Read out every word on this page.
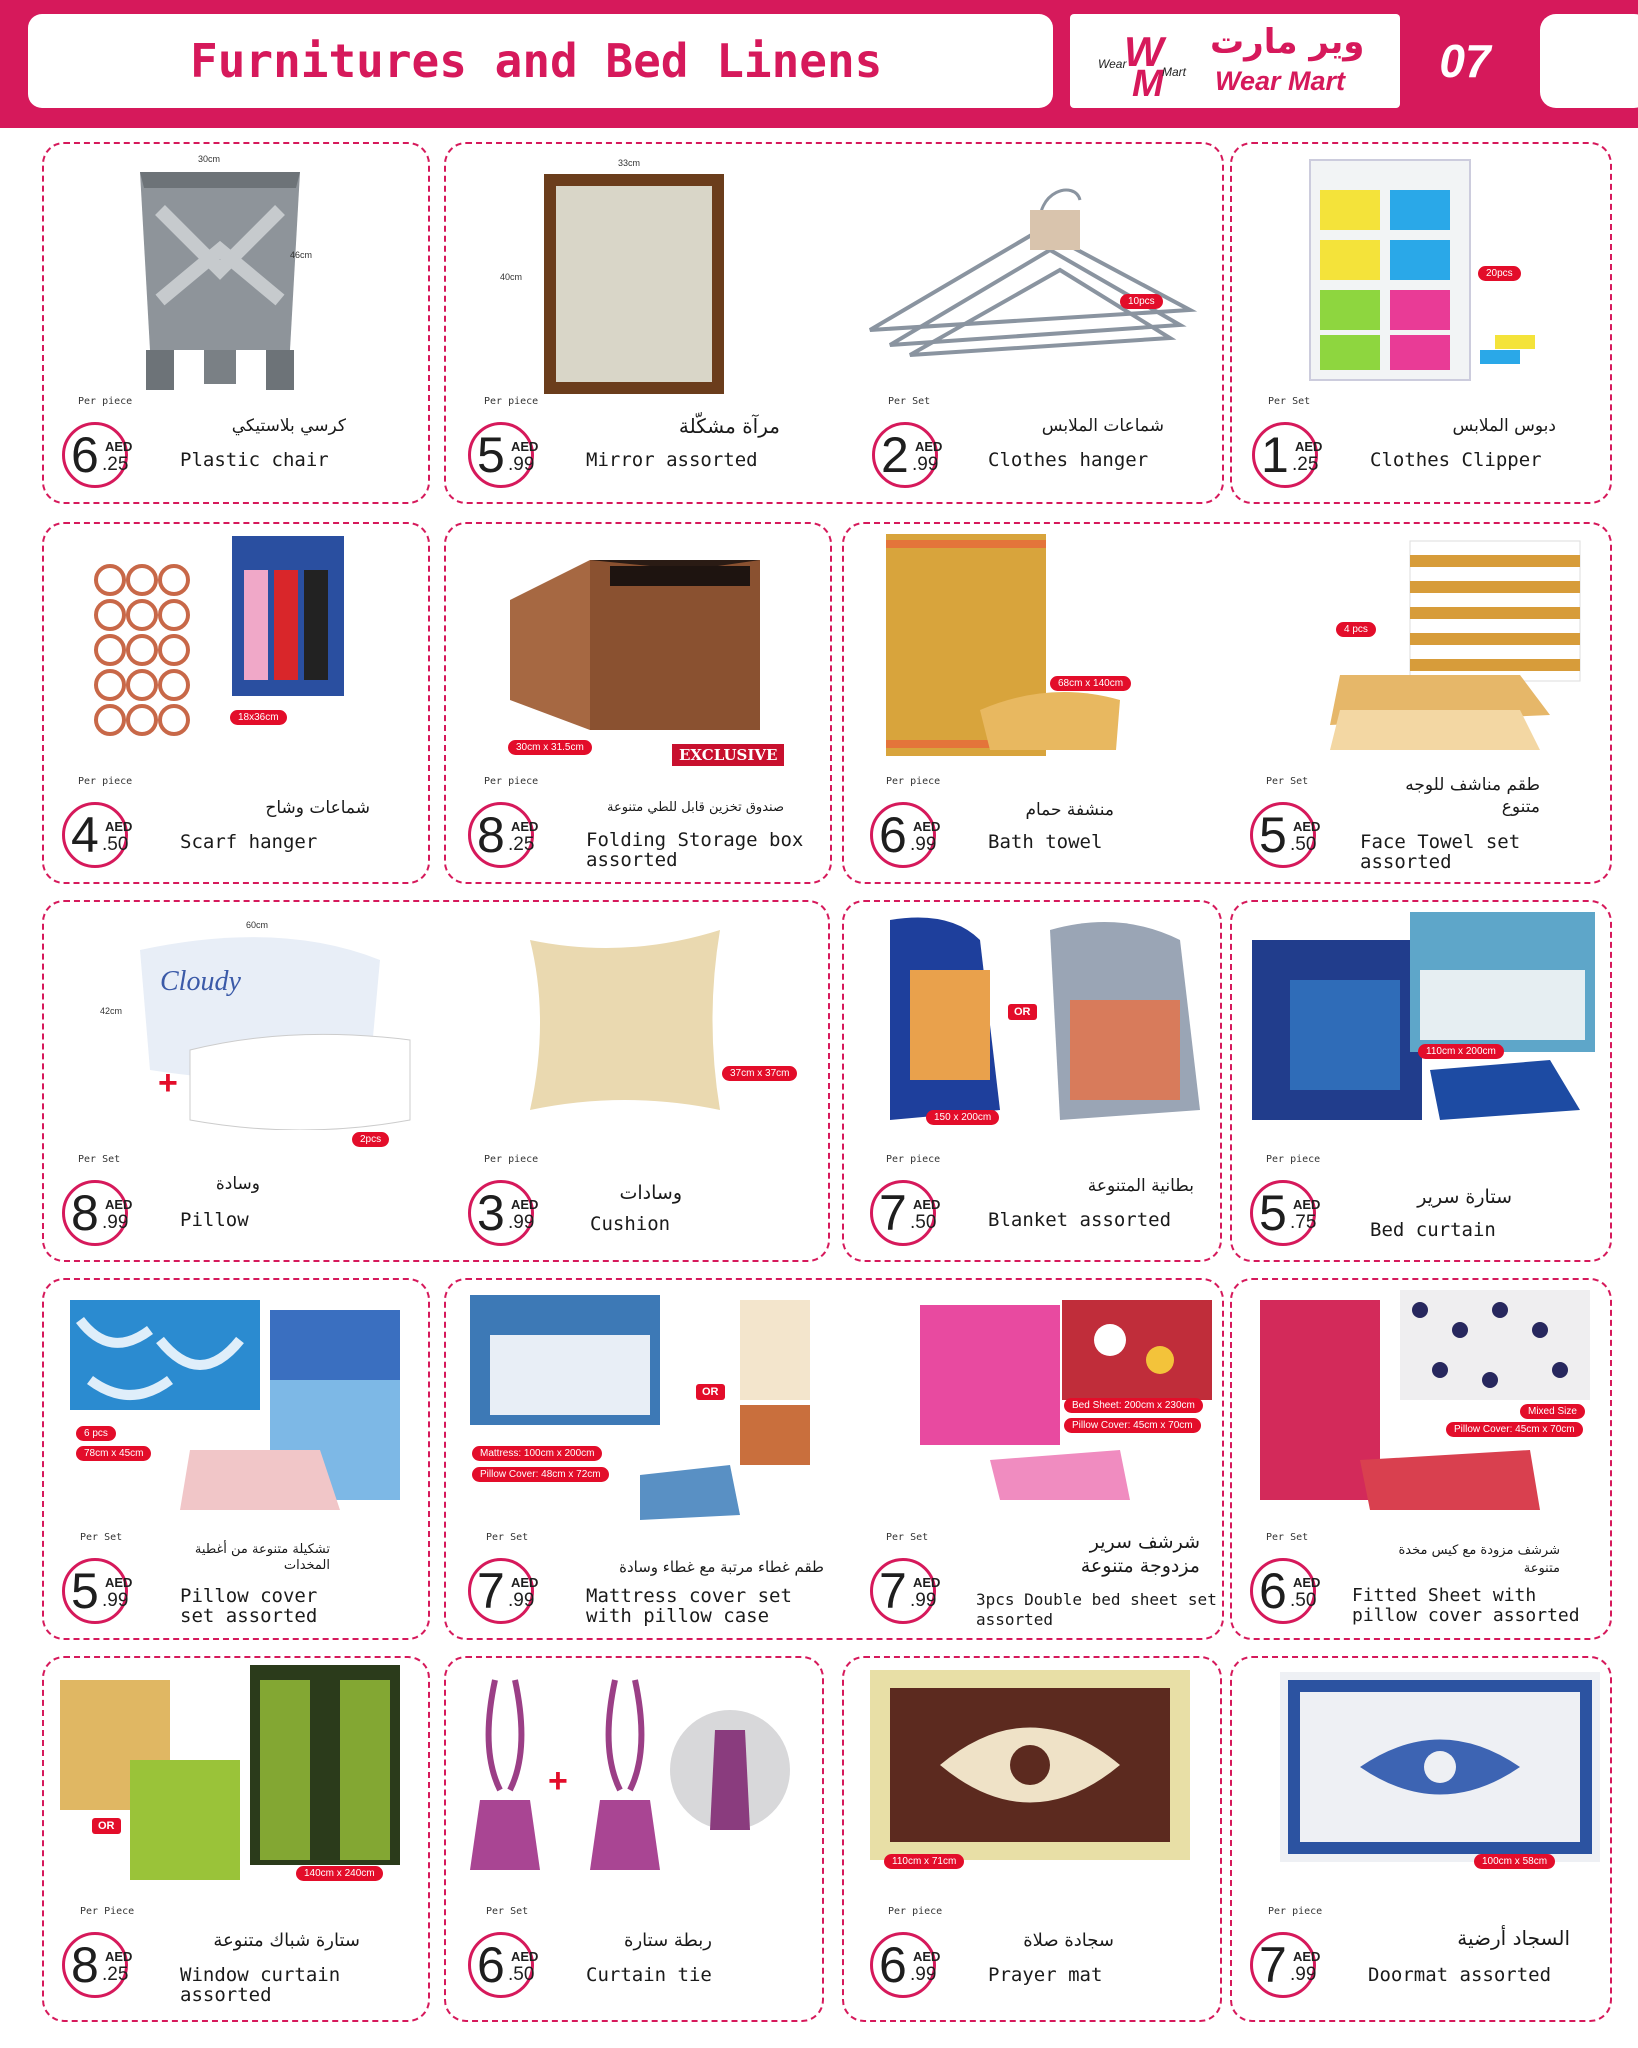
Furnitures and Bed Linens	W
M
Wear
Mart
وير مارت
Wear Mart	07
30cm
46cm
33cm
40cm
10pcs
20pcs
18x36cm
30cm x 31.5cm	EXCLUSIVE
68cm x 140cm
4 pcs
Cloudy
60cm
42cm
+
2pcs
37cm x 37cm
OR
150 x 200cm
110cm x 200cm
6 pcs
78cm x 45cm
OR
Mattress: 100cm x 200cm
Pillow Cover: 48cm x 72cm
Bed Sheet: 200cm x 230cm
Pillow Cover: 45cm x 70cm
Mixed Size
Pillow Cover: 45cm x 70cm
OR
140cm x 240cm
+
110cm x 71cm	100cm x 58cm
Per piece
6 AED
.25
كرسي بلاستيكي
Plastic chair
Per piece
5 AED
.99
مرآة مشكّلة
Mirror assorted
Per Set
2 AED
.99
شماعات الملابس
Clothes hanger
Per Set
1 AED
.25
دبوس الملابس
Clothes Clipper
Per piece
4 AED
.50
شماعات وشاح
Scarf hanger
Per piece
8 AED
.25
صندوق تخزين قابل للطي متنوعة
Folding Storage box assorted
Per piece
6 AED
.99
منشفة حمام
Bath towel
Per Set
5 AED
.50
طقم مناشف للوجه متنوع
Face Towel set assorted
Per Set
8 AED
.99
وسادة
Pillow
Per piece
3 AED
.99
وسادات
Cushion
Per piece
7 AED
.50
بطانية المتنوعة
Blanket assorted
Per piece
5 AED
.75
ستارة سرير
Bed curtain
Per Set
5 AED
.99
تشكيلة متنوعة من أغطية المخدات
Pillow cover set assorted
Per Set
7 AED
.99
طقم غطاء مرتبة مع غطاء وسادة
Mattress cover set with pillow case
Per Set
7 AED
.99
شرشف سرير مزدوجة متنوعة
3pcs Double bed sheet set assorted
Per Set
6 AED
.50
شرشف مزودة مع كيس مخدة متنوعة
Fitted Sheet with pillow cover assorted
Per Piece
8 AED
.25
ستارة شباك متنوعة
Window curtain assorted
Per Set
6 AED
.50
ربطة ستارة
Curtain tie
Per piece
6 AED
.99
سجادة صلاة
Prayer mat
Per piece
7 AED
.99
السجاد أرضية
Doormat assorted
